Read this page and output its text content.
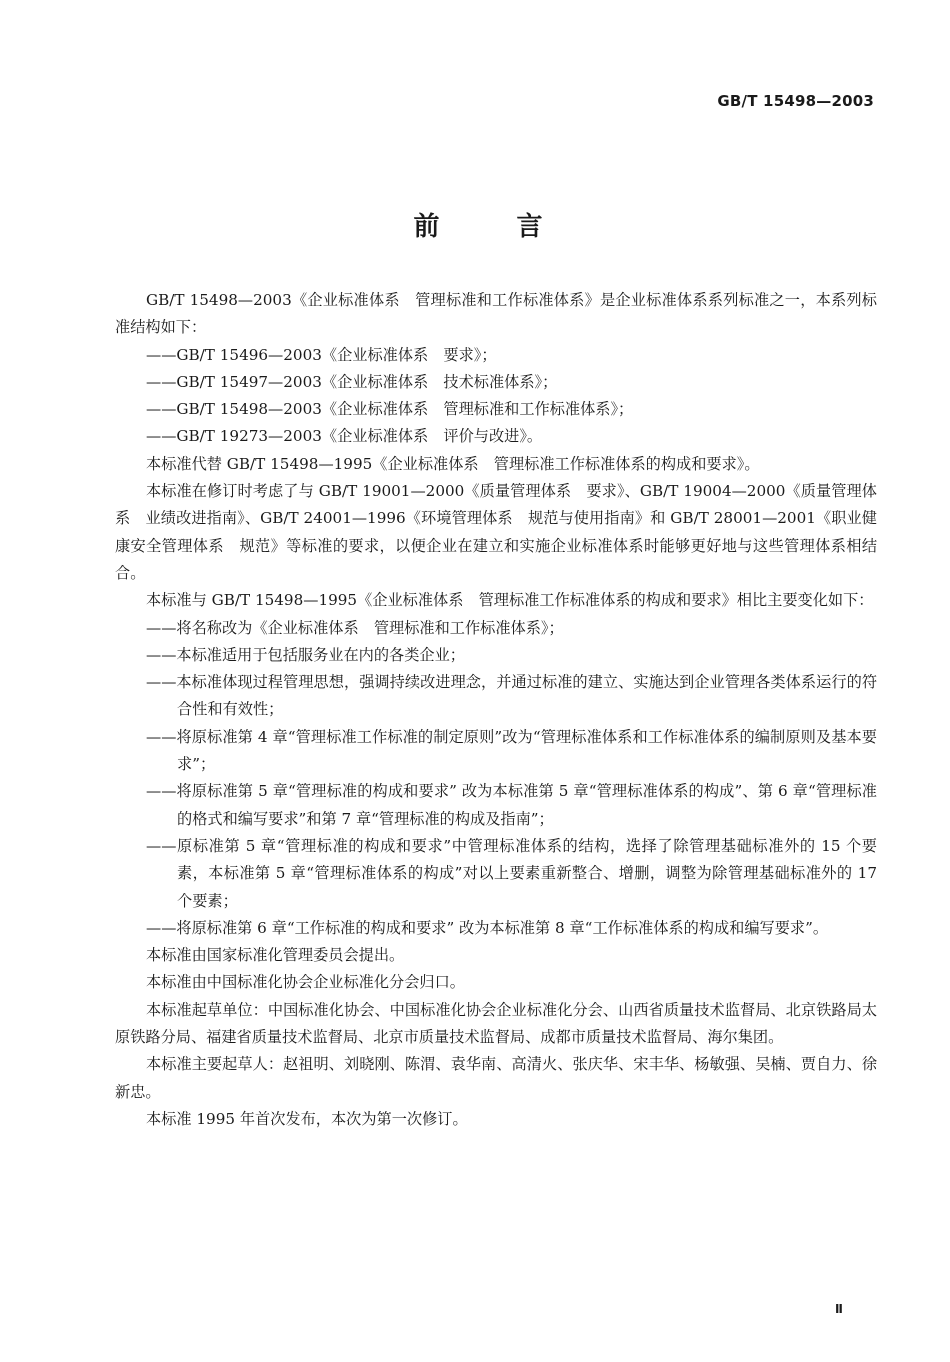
GB/T 15498—2003
前 言

GB/T 15498—2003《企业标准体系　管理标准和工作标准体系》是企业标准体系系列标准之一，本系列标准结构如下：

——GB/T 15496—2003《企业标准体系　要求》；

——GB/T 15497—2003《企业标准体系　技术标准体系》；

——GB/T 15498—2003《企业标准体系　管理标准和工作标准体系》；

——GB/T 19273—2003《企业标准体系　评价与改进》。

本标准代替 GB/T 15498—1995《企业标准体系　管理标准工作标准体系的构成和要求》。

本标准在修订时考虑了与 GB/T 19001—2000《质量管理体系　要求》、GB/T 19004—2000《质量管理体系　业绩改进指南》、GB/T 24001—1996《环境管理体系　规范与使用指南》和 GB/T 28001—2001《职业健康安全管理体系　规范》等标准的要求，以便企业在建立和实施企业标准体系时能够更好地与这些管理体系相结合。

本标准与 GB/T 15498—1995《企业标准体系　管理标准工作标准体系的构成和要求》相比主要变化如下：

——将名称改为《企业标准体系　管理标准和工作标准体系》；

——本标准适用于包括服务业在内的各类企业；

——本标准体现过程管理思想，强调持续改进理念，并通过标准的建立、实施达到企业管理各类体系运行的符合性和有效性；

——将原标准第 4 章“管理标准工作标准的制定原则”改为“管理标准体系和工作标准体系的编制原则及基本要求”；

——将原标准第 5 章“管理标准的构成和要求” 改为本标准第 5 章“管理标准体系的构成”、第 6 章“管理标准的格式和编写要求”和第 7 章“管理标准的构成及指南”；

——原标准第 5 章“管理标准的构成和要求”中管理标准体系的结构，选择了除管理基础标准外的 15 个要素，本标准第 5 章“管理标准体系的构成”对以上要素重新整合、增删，调整为除管理基础标准外的 17 个要素；

——将原标准第 6 章“工作标准的构成和要求” 改为本标准第 8 章“工作标准体系的构成和编写要求”。

本标准由国家标准化管理委员会提出。

本标准由中国标准化协会企业标准化分会归口。

本标准起草单位：中国标准化协会、中国标准化协会企业标准化分会、山西省质量技术监督局、北京铁路局太原铁路分局、福建省质量技术监督局、北京市质量技术监督局、成都市质量技术监督局、海尔集团。

本标准主要起草人：赵祖明、刘晓刚、陈渭、袁华南、高清火、张庆华、宋丰华、杨敏强、吴楠、贾自力、徐新忠。

本标准 1995 年首次发布，本次为第一次修订。

Ⅱ
